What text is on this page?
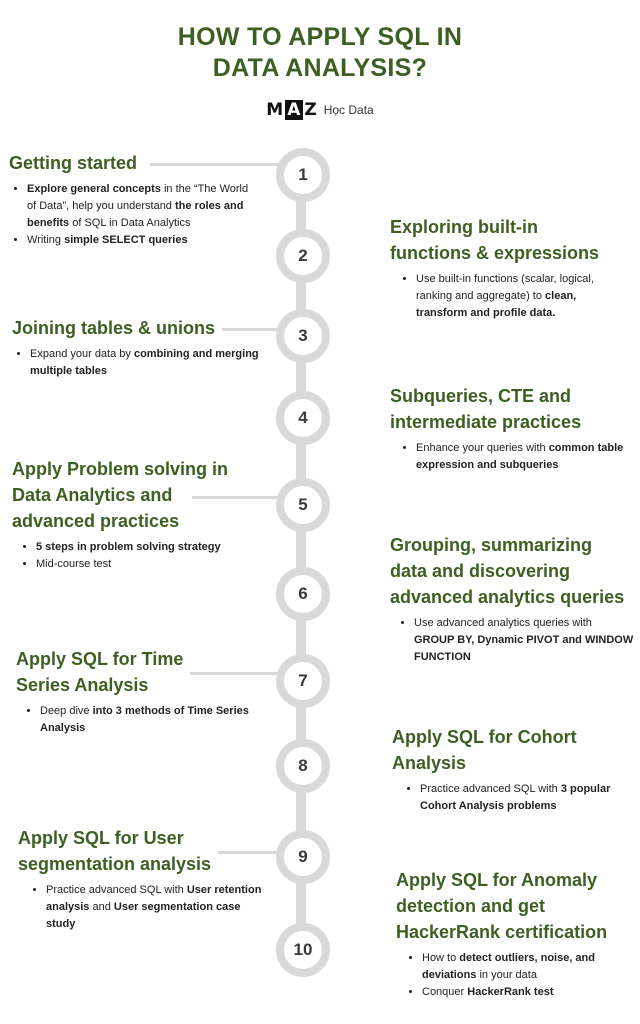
HOW TO APPLY SQL IN
DATA ANALYSIS?
M A Z Học Data
1
Getting started
• Explore general concepts in the “The World of Data”, help you understand the roles and benefits of SQL in Data Analytics
• Writing simple SELECT queries
2
Exploring built-in
functions & expressions
• Use built-in functions (scalar, logical, ranking and aggregate) to clean, transform and profile data.
3
Joining tables & unions
• Expand your data by combining and merging multiple tables
4
Subqueries, CTE and
intermediate practices
• Enhance your queries with common table expression and subqueries
5
Apply Problem solving in
Data Analytics and
advanced practices
• 5 steps in problem solving strategy
• Mid-course test
6
Grouping, summarizing
data and discovering
advanced analytics queries
• Use advanced analytics queries with GROUP BY, Dynamic PIVOT and WINDOW FUNCTION
7
Apply SQL for Time
Series Analysis
• Deep dive into 3 methods of Time Series Analysis
8
Apply SQL for Cohort
Analysis
• Practice advanced SQL with 3 popular Cohort Analysis problems
9
Apply SQL for User
segmentation analysis
• Practice advanced SQL with User retention analysis and User segmentation case study
10
Apply SQL for Anomaly
detection and get
HackerRank certification
• How to detect outliers, noise, and deviations in your data
• Conquer HackerRank test
